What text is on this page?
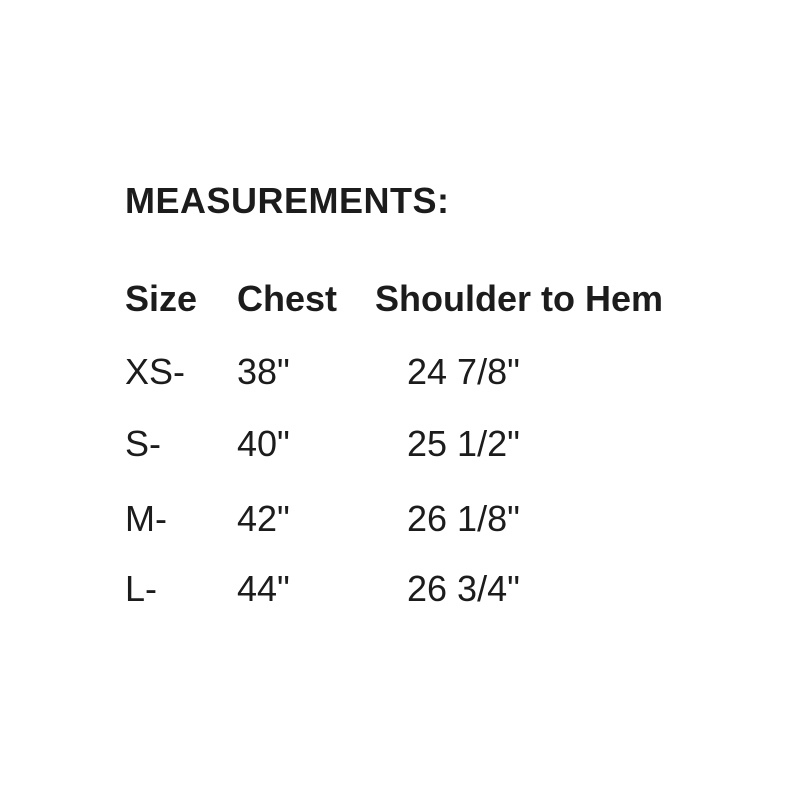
MEASUREMENTS:
Size Chest Shoulder to Hem
XS- 38"	24 7/8"
S- 40"	25 1/2"
M- 42"	26 1/8"
L- 44"	26 3/4"
